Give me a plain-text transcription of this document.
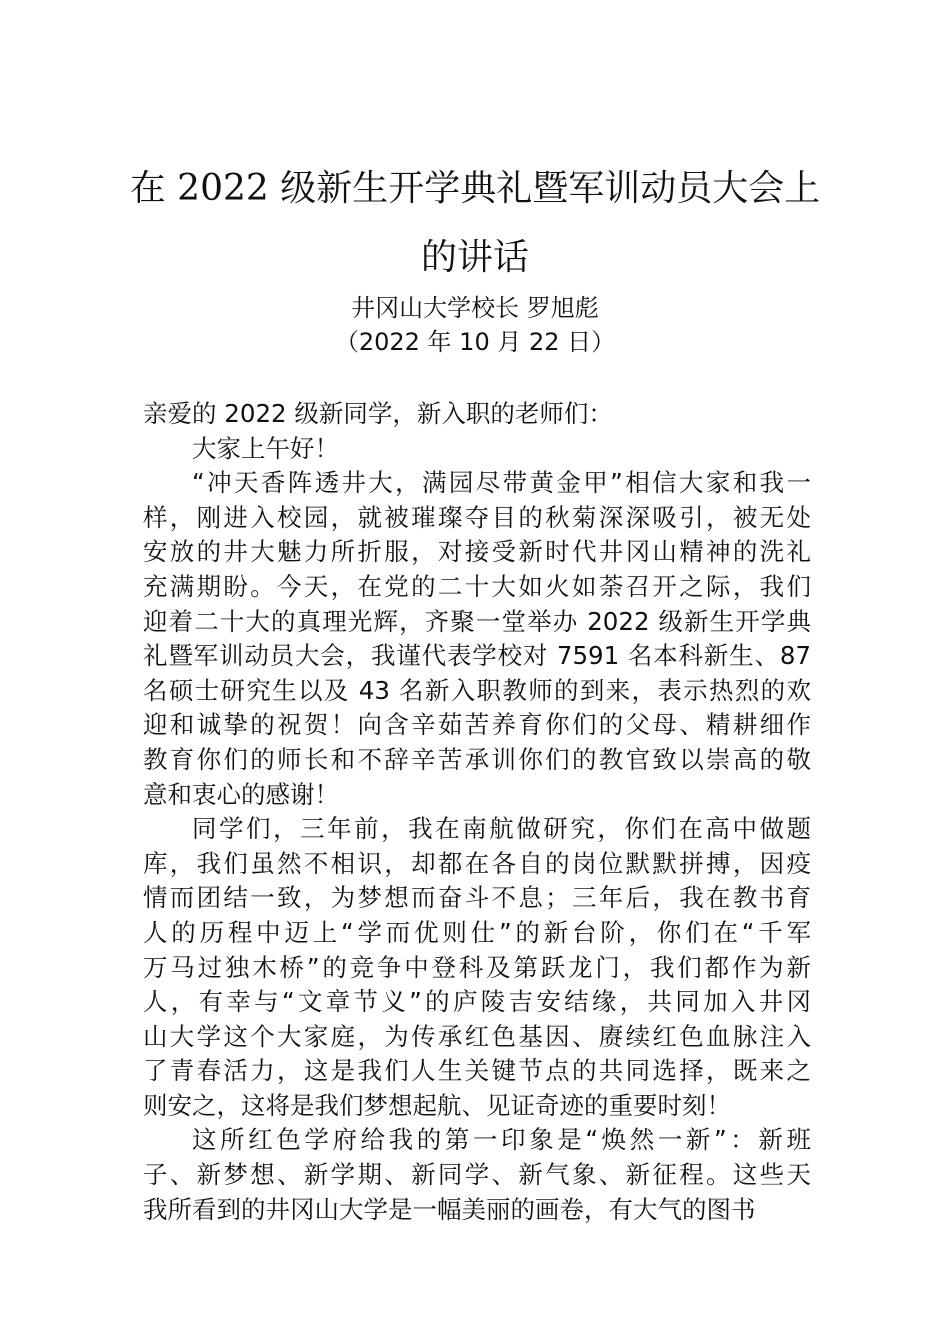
在 2022 级新生开学典礼暨军训动员大会上
的讲话
井冈山大学校长 罗旭彪
（2022 年 10 月 22 日）
亲爱的 2022 级新同学，新入职的老师们：
大家上午好！
“冲天香阵透井大，满园尽带黄金甲”相信大家和我一
样，刚进入校园，就被璀璨夺目的秋菊深深吸引，被无处
安放的井大魅力所折服，对接受新时代井冈山精神的洗礼
充满期盼。今天，在党的二十大如火如荼召开之际，我们
迎着二十大的真理光辉，齐聚一堂举办 2022 级新生开学典
礼暨军训动员大会，我谨代表学校对 7591 名本科新生、87
名硕士研究生以及 43 名新入职教师的到来，表示热烈的欢
迎和诚挚的祝贺！向含辛茹苦养育你们的父母、精耕细作
教育你们的师长和不辞辛苦承训你们的教官致以崇高的敬
意和衷心的感谢！
同学们，三年前，我在南航做研究，你们在高中做题
库，我们虽然不相识，却都在各自的岗位默默拼搏，因疫
情而团结一致，为梦想而奋斗不息；三年后，我在教书育
人的历程中迈上“学而优则仕”的新台阶，你们在“千军
万马过独木桥”的竞争中登科及第跃龙门，我们都作为新
人，有幸与“文章节义”的庐陵吉安结缘，共同加入井冈
山大学这个大家庭，为传承红色基因、赓续红色血脉注入
了青春活力，这是我们人生关键节点的共同选择，既来之
则安之，这将是我们梦想起航、见证奇迹的重要时刻！
这所红色学府给我的第一印象是“焕然一新”：新班
子、新梦想、新学期、新同学、新气象、新征程。这些天
我所看到的井冈山大学是一幅美丽的画卷，有大气的图书
